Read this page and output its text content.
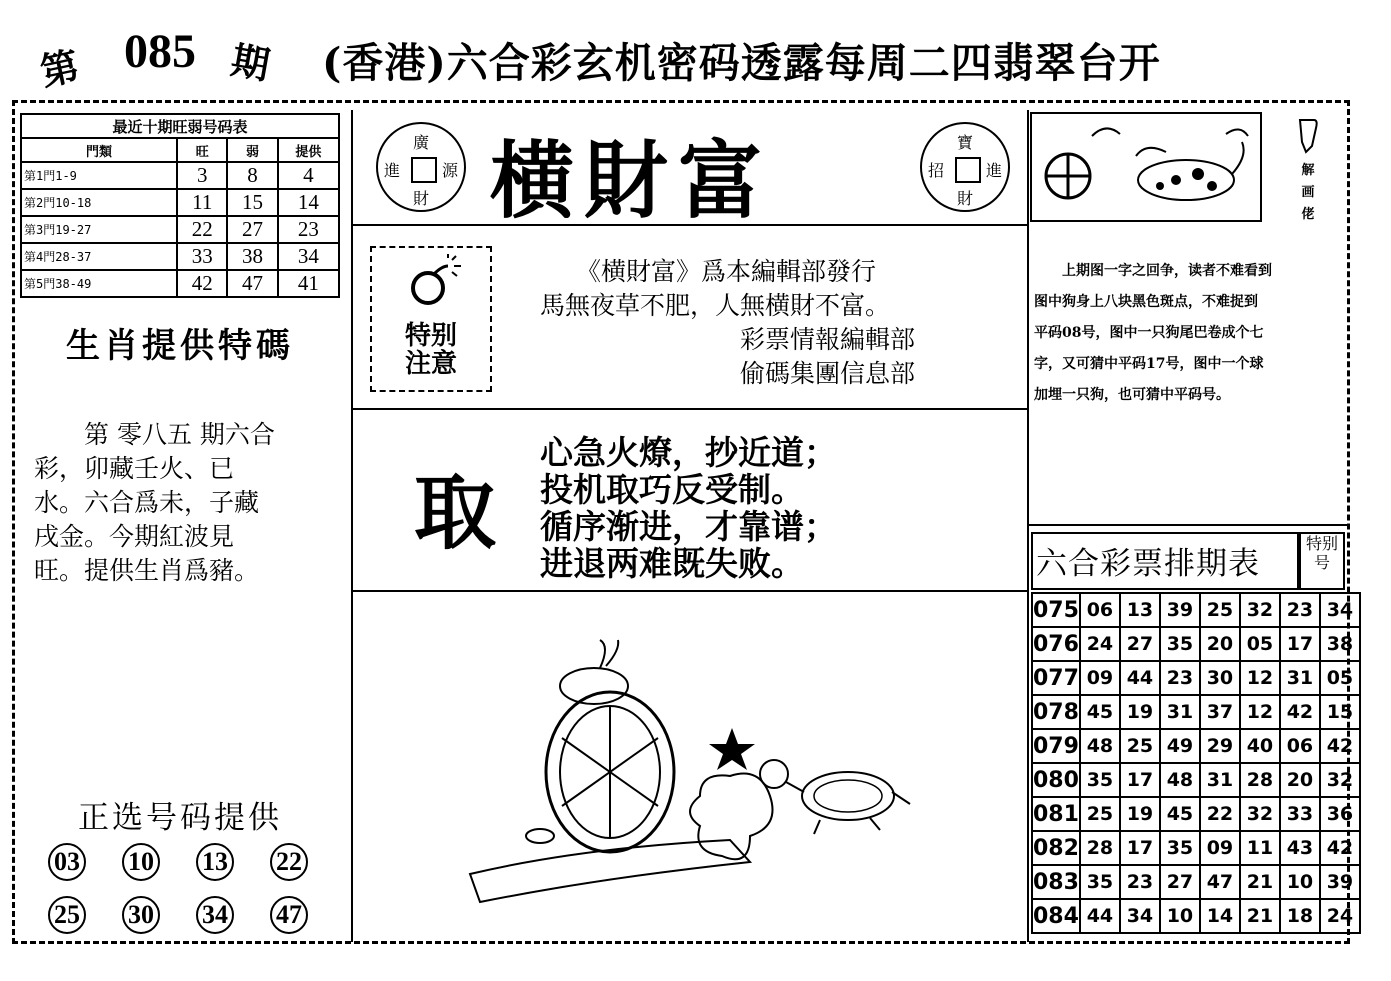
第 085 期 (香港)六合彩玄机密码透露每周二四翡翠台开
最近十期旺弱号码表			
門類	旺	弱	提供
第1門1-9	3	8	4
第2門10-18	11	15	14
第3門19-27	22	27	23
第4門28-37	33	38	34
第5門38-49	42	47	41
生肖提供特碼
第 零八五 期六合
彩，卯藏壬火、已
水。六合爲未，子藏
戌金。今期紅波見
旺。提供生肖爲豬。
正选号码提供
03 10 13 22
25 30 34 47
廣
進	源
財 横財富	寶
招	進
財
特别
注意
《横財富》爲本編輯部發行
馬無夜草不肥，人無横財不富。
彩票情報編輯部
偷碼集團信息部
取
心急火燎，抄近道；
投机取巧反受制。
循序渐进，才靠谱；
进退两难既失败。
解画佬
上期图一字之回争，读者不难看到
图中狗身上八块黑色斑点，不难捉到
平码08号，图中一只狗尾巴卷成个七
字，又可猜中平码17号，图中一个球
加埋一只狗，也可猜中平码号。
六合彩票排期表
特别号
075	06	13	39	25	32	23	34
076	24	27	35	20	05	17	38
077	09	44	23	30	12	31	05
078	45	19	31	37	12	42	15
079	48	25	49	29	40	06	42
080	35	17	48	31	28	20	32
081	25	19	45	22	32	33	36
082	28	17	35	09	11	43	42
083	35	23	27	47	21	10	39
084	44	34	10	14	21	18	24
